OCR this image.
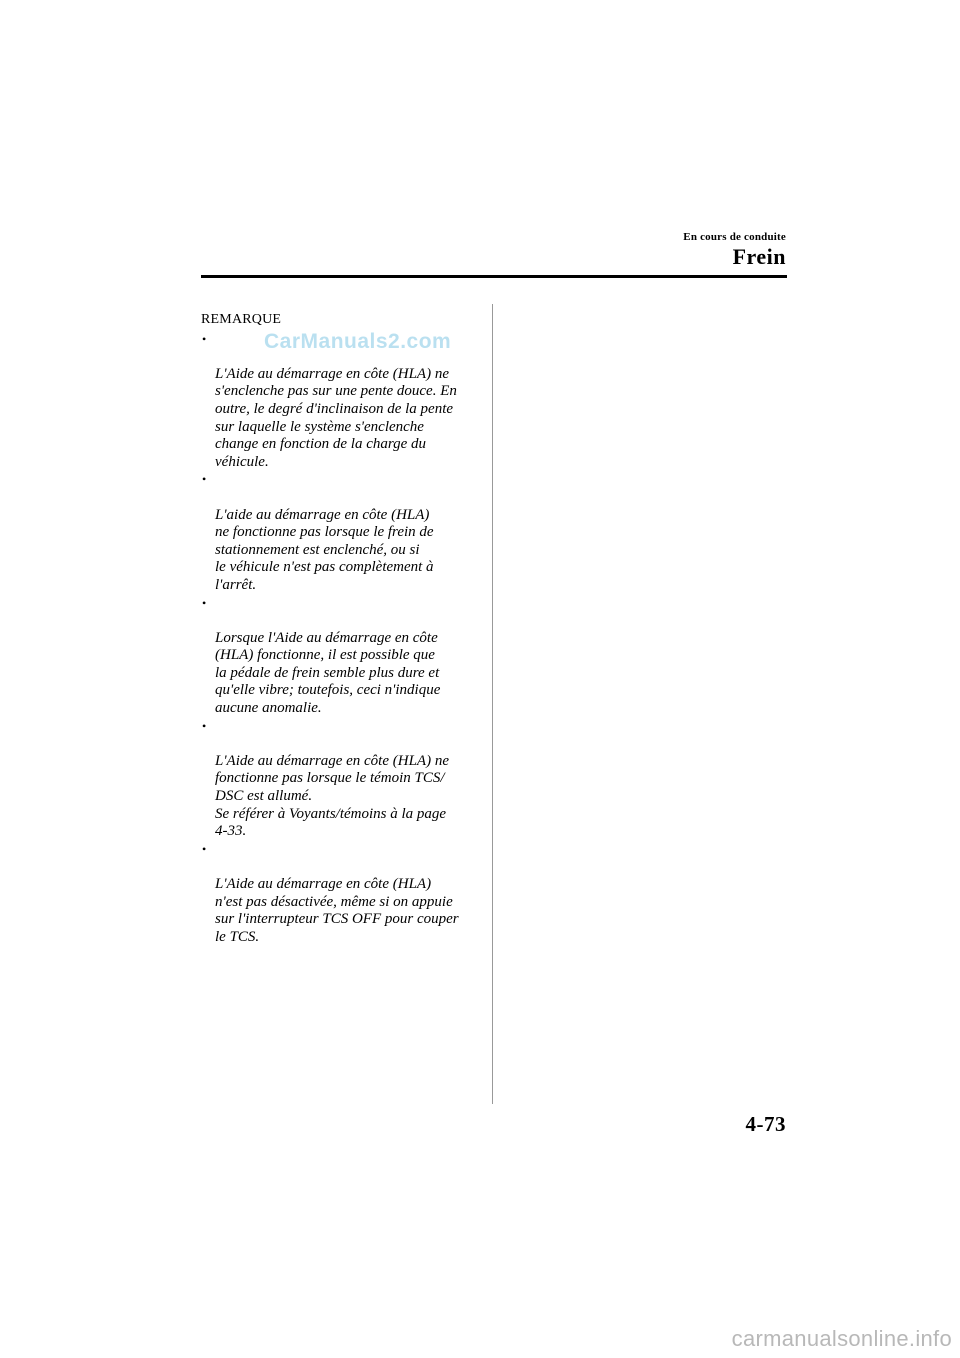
En cours de conduite
Frein
REMARQUE

•

L'Aide au démarrage en côte (HLA) ne
s'enclenche pas sur une pente douce. En
outre, le degré d'inclinaison de la pente
sur laquelle le système s'enclenche
change en fonction de la charge du
véhicule.

•

L'aide au démarrage en côte (HLA)
ne fonctionne pas lorsque le frein de
stationnement est enclenché, ou si
le véhicule n'est pas complètement à
l'arrêt.

•

Lorsque l'Aide au démarrage en côte
(HLA) fonctionne, il est possible que
la pédale de frein semble plus dure et
qu'elle vibre; toutefois, ceci n'indique
aucune anomalie.

•

L'Aide au démarrage en côte (HLA) ne
fonctionne pas lorsque le témoin TCS/
DSC est allumé.
Se référer à Voyants/témoins à la page
4-33.

•

L'Aide au démarrage en côte (HLA)
n'est pas désactivée, même si on appuie
sur l'interrupteur TCS OFF pour couper
le TCS.

CarManuals2.com
4-73
carmanualsonline.info
